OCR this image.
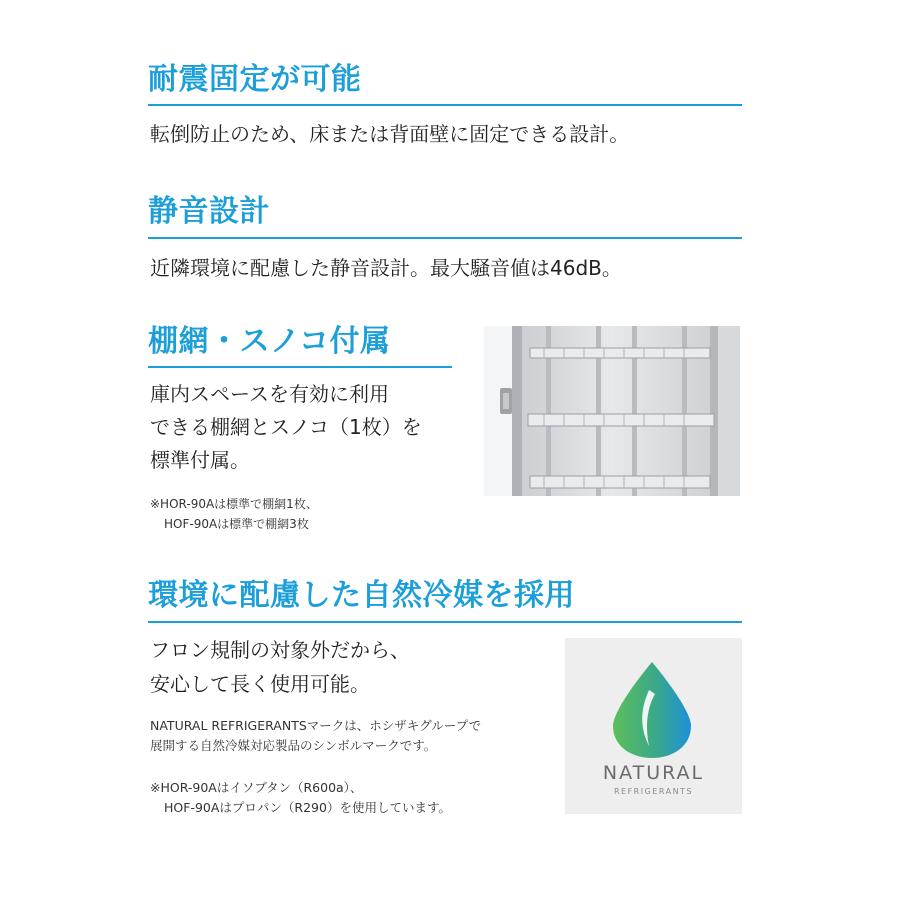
耐震固定が可能

転倒防止のため、床または背面壁に固定できる設計。

静音設計

近隣環境に配慮した静音設計。最大騒音値は46dB。

棚網・スノコ付属

庫内スペースを有効に利用

できる棚網とスノコ（1枚）を

標準付属。

※HOR-90Aは標準で棚網1枚、
HOF-90Aは標準で棚網3枚
環境に配慮した自然冷媒を採用

フロン規制の対象外だから、

安心して長く使用可能。

NATURAL REFRIGERANTSマークは、ホシザキグループで
展開する自然冷媒対応製品のシンボルマークです。
※HOR-90Aはイソブタン（R600a）、
HOF-90Aはプロパン（R290）を使用しています。
NATURAL
REFRIGERANTS
